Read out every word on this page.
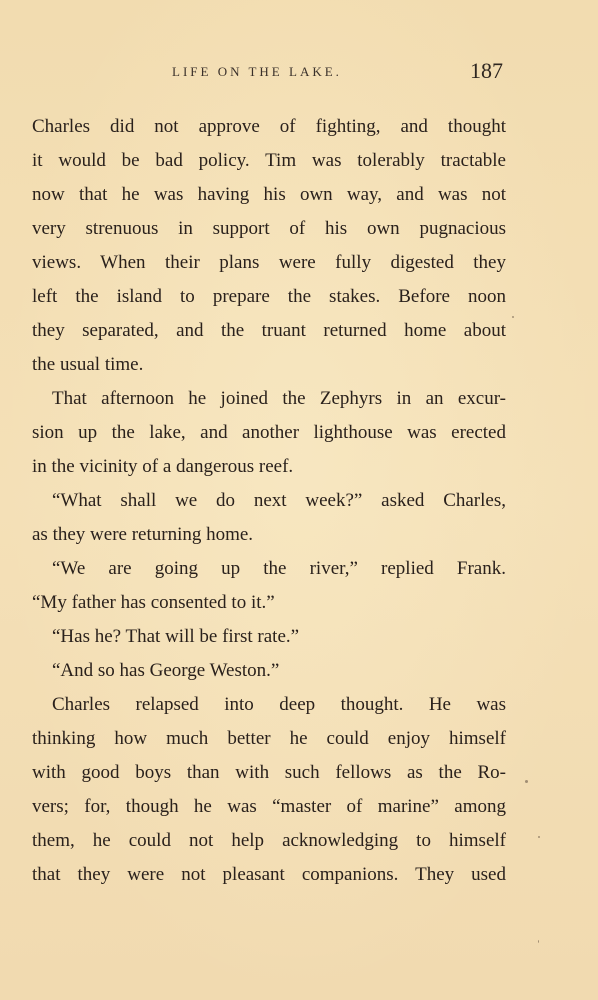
LIFE ON THE LAKE.	187
Charles did not approve of fighting, and thought
it would be bad policy. Tim was tolerably tractable
now that he was having his own way, and was not
very strenuous in support of his own pugnacious
views. When their plans were fully digested they
left the island to prepare the stakes. Before noon
they separated, and the truant returned home about
the usual time.
That afternoon he joined the Zephyrs in an excur-
sion up the lake, and another lighthouse was erected
in the vicinity of a dangerous reef.
“What shall we do next week?” asked Charles,
as they were returning home.
“We are going up the river,” replied Frank.
“My father has consented to it.”
“Has he? That will be first rate.”
“And so has George Weston.”
Charles relapsed into deep thought. He was
thinking how much better he could enjoy himself
with good boys than with such fellows as the Ro-
vers; for, though he was “master of marine” among
them, he could not help acknowledging to himself
that they were not pleasant companions. They used
